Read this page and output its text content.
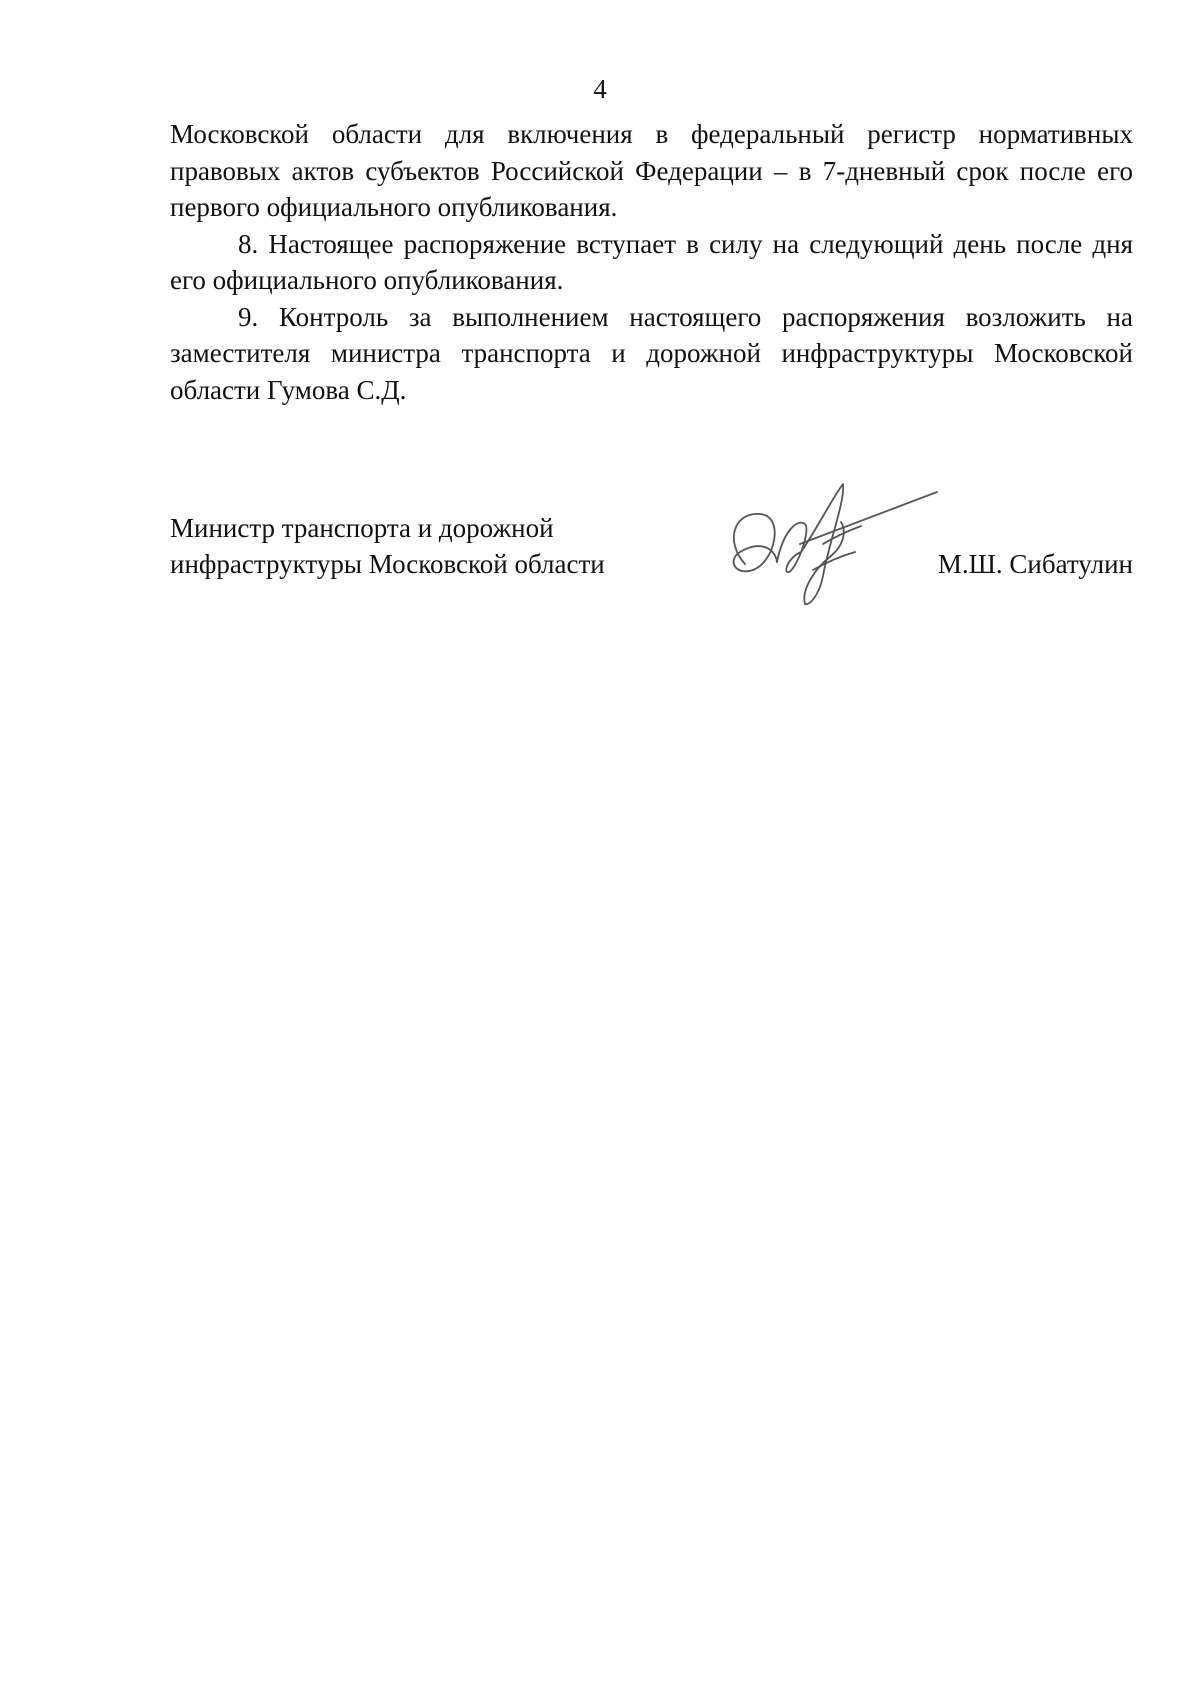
4

Московской области для включения в федеральный регистр нормативных правовых актов субъектов Российской Федерации – в 7-дневный срок после его первого официального опубликования.

8. Настоящее распоряжение вступает в силу на следующий день после дня его официального опубликования.

9. Контроль за выполнением настоящего распоряжения возложить на заместителя министра транспорта и дорожной инфраструктуры Московской области Гумова С.Д.

Министр транспорта и дорожной
инфраструктуры Московской области	М.Ш. Сибатулин
